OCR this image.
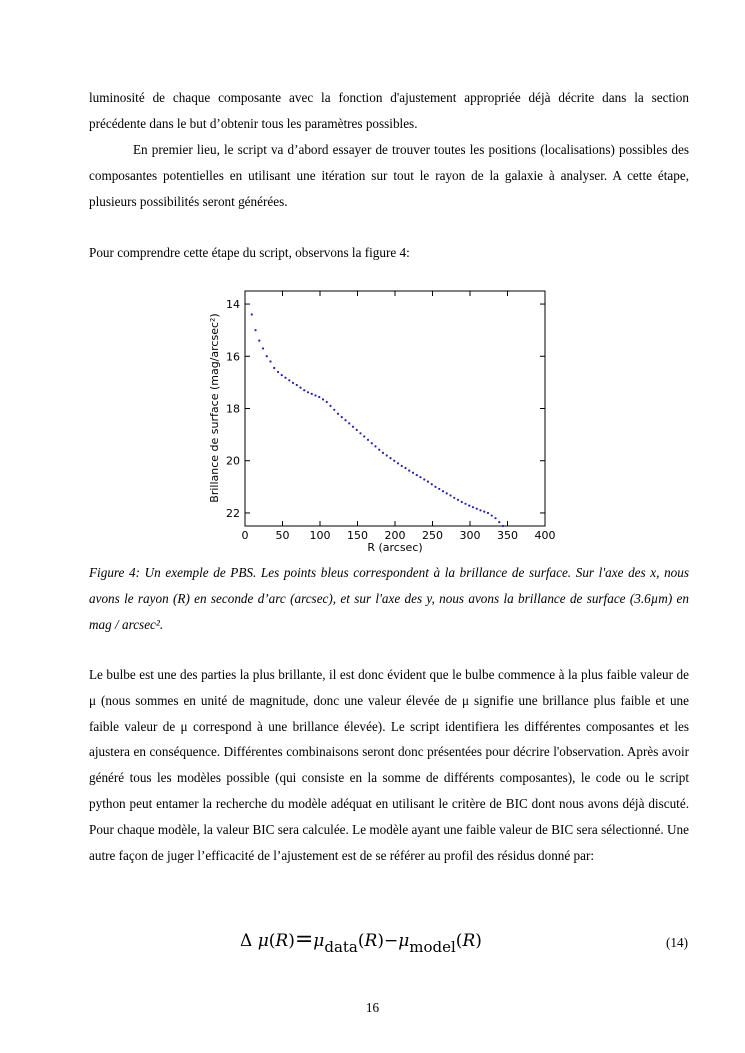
luminosité de chaque composante avec la fonction d'ajustement appropriée déjà décrite dans la section précédente dans le but d’obtenir tous les paramètres possibles.

En premier lieu, le script va d’abord essayer de trouver toutes les positions (localisations) possibles des composantes potentielles en utilisant une itération sur tout le rayon de la galaxie à analyser. A cette étape, plusieurs possibilités seront générées.

Pour comprendre cette étape du script, observons la figure 4:

0 50 100 150 200 250 300 350 400
14
16
18
20
22
R (arcsec)
Brillance de surface (mag/arcsec²)

Figure 4: Un exemple de PBS. Les points bleus correspondent à la brillance de surface. Sur l'axe des x, nous avons le rayon (R) en seconde d’arc (arcsec), et sur l'axe des y, nous avons la brillance de surface (3.6µm) en mag / arcsec².

Le bulbe est une des parties la plus brillante, il est donc évident que le bulbe commence à la plus faible valeur de μ (nous sommes en unité de magnitude, donc une valeur élevée de μ signifie une brillance plus faible et une faible valeur de μ correspond à une brillance élevée). Le script identifiera les différentes composantes et les ajustera en conséquence. Différentes combinaisons seront donc présentées pour décrire l'observation. Après avoir généré tous les modèles possible (qui consiste en la somme de différents composantes), le code ou le script python peut entamer la recherche du modèle adéquat en utilisant le critère de BIC dont nous avons déjà discuté. Pour chaque modèle, la valeur BIC sera calculée. Le modèle ayant une faible valeur de BIC sera sélectionné. Une autre façon de juger l’efficacité de l’ajustement est de se référer au profil des résidus donné par:

Δ $\mu(R)=\mu_{data}(R)-\mu_{model}(R)$	(14)
16
